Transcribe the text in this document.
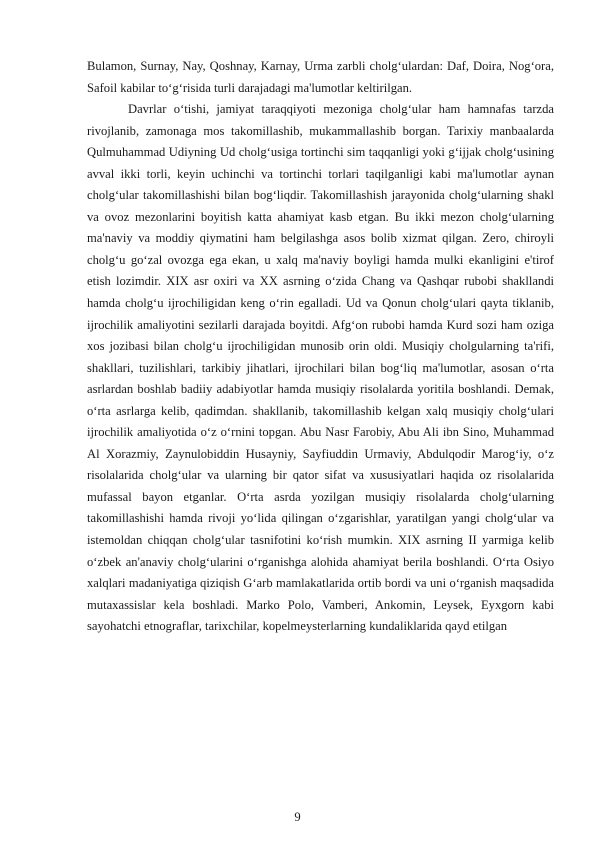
Bulamon, Surnay, Nay, Qoshnay, Karnay, Urma zarbli cholg‘ulardan: Daf, Doira, Nog‘ora, Safoil kabilar to‘g‘risida turli darajadagi ma'lumotlar keltirilgan.

Davrlar o‘tishi, jamiyat taraqqiyoti mezoniga cholg‘ular ham hamnafas tarzda rivojlanib, zamonaga mos takomillashib, mukammallashib borgan. Tarixiy manbaalarda Qulmuhammad Udiyning Ud cholg‘usiga tortinchi sim taqqanligi yoki g‘ijjak cholg‘usining avval ikki torli, keyin uchinchi va tortinchi torlari taqilganligi kabi ma'lumotlar aynan cholg‘ular takomillashishi bilan bog‘liqdir. Takomillashish jarayonida cholg‘ularning shakl va ovoz mezonlarini boyitish katta ahamiyat kasb etgan. Bu ikki mezon cholg‘ularning ma'naviy va moddiy qiymatini ham belgilashga asos bolib xizmat qilgan. Zero, chiroyli cholg‘u go‘zal ovozga ega ekan, u xalq ma'naviy boyligi hamda mulki ekanligini e'tirof etish lozimdir. XIX asr oxiri va XX asrning o‘zida Chang va Qashqar rubobi shakllandi hamda cholg‘u ijrochiligidan keng o‘rin egalladi. Ud va Qonun cholg‘ulari qayta tiklanib, ijrochilik amaliyotini sezilarli darajada boyitdi. Afg‘on rubobi hamda Kurd sozi ham oziga xos jozibasi bilan cholg‘u ijrochiligidan munosib orin oldi. Musiqiy cholgularning ta'rifi, shakllari, tuzilishlari, tarkibiy jihatlari, ijrochilari bilan bog‘liq ma'lumotlar, asosan o‘rta asrlardan boshlab badiiy adabiyotlar hamda musiqiy risolalarda yoritila boshlandi. Demak, o‘rta asrlarga kelib, qadimdan. shakllanib, takomillashib kelgan xalq musiqiy cholg‘ulari ijrochilik amaliyotida o‘z o‘rnini topgan. Abu Nasr Farobiy, Abu Ali ibn Sino, Muhammad Al Xorazmiy, Zaynulobiddin Husayniy, Sayfiuddin Urmaviy, Abdulqodir Marog‘iy, o‘z risolalarida cholg‘ular va ularning bir qator sifat va xususiyatlari haqida oz risolalarida mufassal bayon etganlar. O‘rta asrda yozilgan musiqiy risolalarda cholg‘ularning takomillashishi hamda rivoji yo‘lida qilingan o‘zgarishlar, yaratilgan yangi cholg‘ular va istemoldan chiqqan cholg‘ular tasnifotini ko‘rish mumkin. XIX asrning II yarmiga kelib o‘zbek an'anaviy cholg‘ularini o‘rganishga alohida ahamiyat berila boshlandi. O‘rta Osiyo xalqlari madaniyatiga qiziqish G‘arb mamlakatlarida ortib bordi va uni o‘rganish maqsadida mutaxassislar kela boshladi. Marko Polo, Vamberi, Ankomin, Leysek, Eyxgorn kabi sayohatchi etnograflar, tarixchilar, kopelmeysterlarning kundaliklarida qayd etilgan

9
